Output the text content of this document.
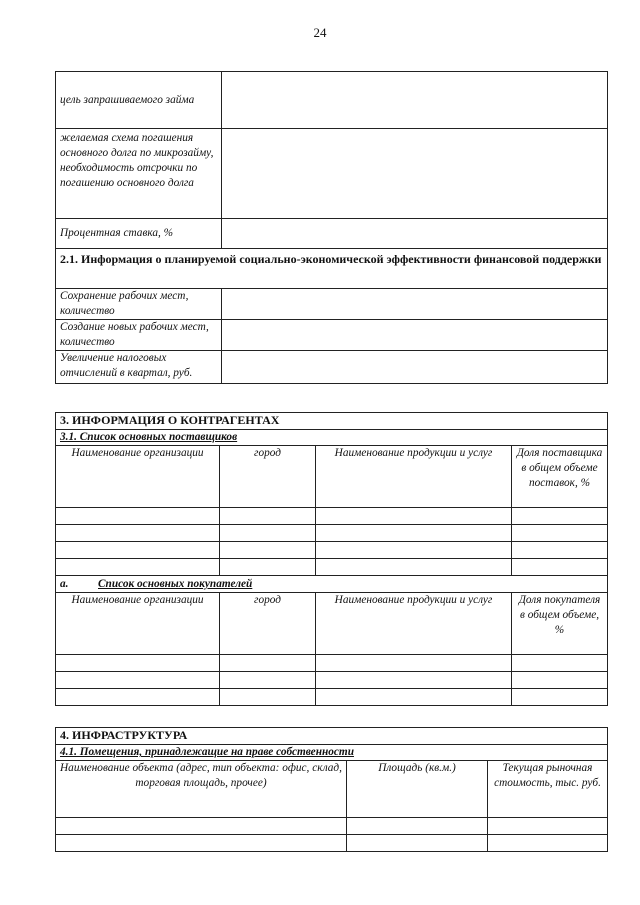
24
цель запрашиваемого займа	
желаемая схема погашения основного долга по микрозайму, необходимость отсрочки по погашению основного долга	
Процентная ставка, %	
2.1. Информация о планируемой социально-экономической эффективности финансовой поддержки	
Сохранение рабочих мест, количество	
Создание новых рабочих мест, количество	
Увеличение налоговых отчислений в квартал, руб.	
3. ИНФОРМАЦИЯ О КОНТРАГЕНТАХ			
3.1. Список основных поставщиков			
Наименование организации	город	Наименование продукции и услуг	Доля поставщика в общем объеме поставок, %

a. Список основных покупателей			
Наименование организации	город	Наименование продукции и услуг	Доля покупателя в общем объеме, %

4. ИНФРАСТРУКТУРА		
4.1. Помещения, принадлежащие на праве собственности		
Наименование объекта (адрес, тип объекта: офис, склад, торговая площадь, прочее)	Площадь (кв.м.)	Текущая рыночная стоимость, тыс. руб.
